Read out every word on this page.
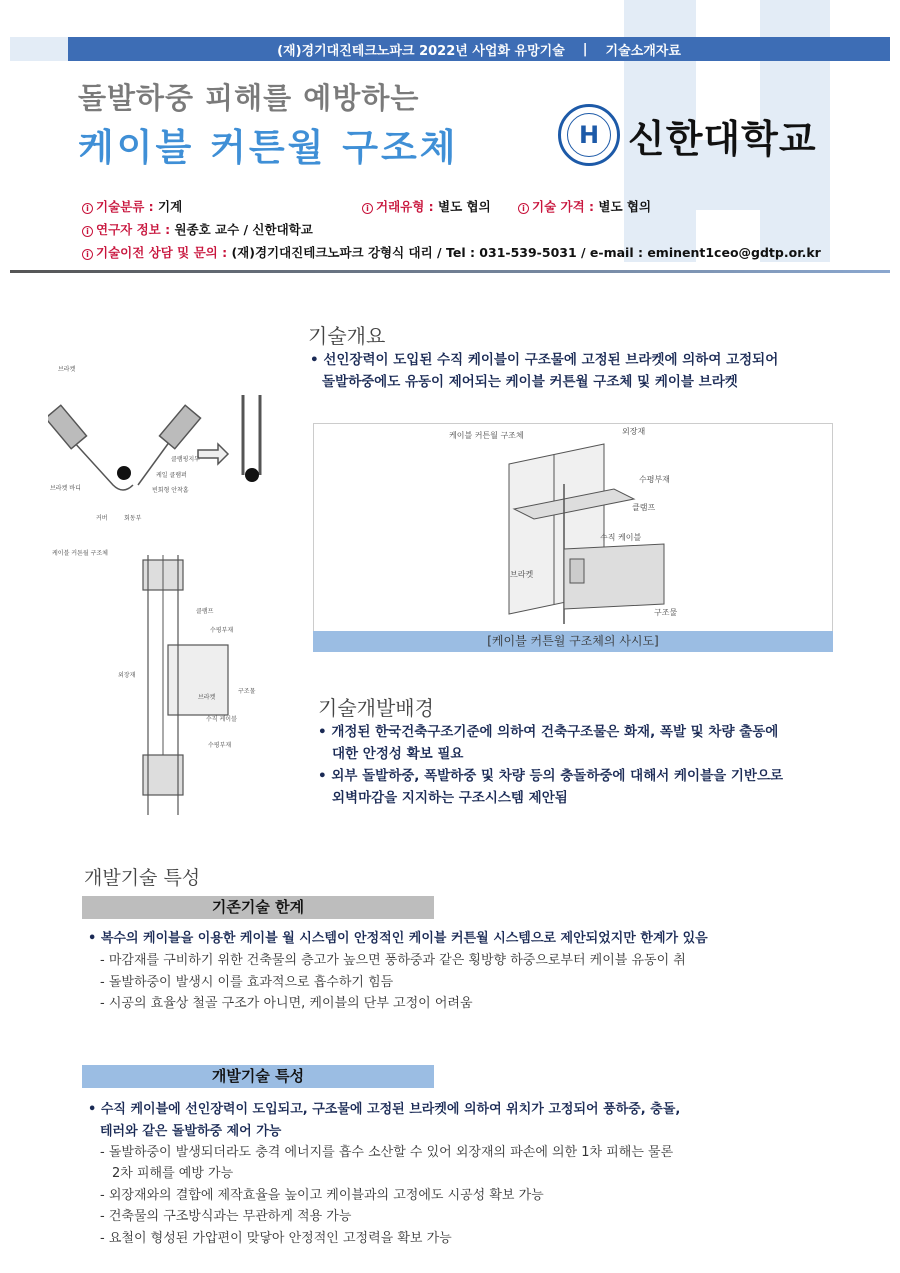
(재)경기대진테크노파크 2022년 사업화 유망기술 | 기술소개자료
돌발하중 피해를 예방하는
케이블 커튼월 구조체	H 신한대학교
i 기술분류 : 기계	i 거래유형 : 별도 협의	i 기술 가격 : 별도 협의
i 연구자 정보 : 원종호 교수 / 신한대학교
i 기술이전 상담 및 문의 : (재)경기대진테크노파크 강형식 대리 / Tel : 031-539-5031 / e-mail : eminent1ceo@gdtp.or.kr
브라켓
브라켓 바디
커버	회동부
클램핑지부
케일 클램퍼
빈회형 안착홈
케이블 커튼월 구조체
클램프
수평부재
외장재
구조물
브라켓
수직 케이블
수평부재
기술개요
• 선인장력이 도입된 수직 케이블이 구조물에 고정된 브라켓에 의하여 고정되어
돌발하중에도 유동이 제어되는 케이블 커튼월 구조체 및 케이블 브라켓
케이블 커튼월 구조체	외장재
수평부재
클램프
수직 케이블
브라켓
구조물
[케이블 커튼월 구조체의 사시도]
기술개발배경
• 개정된 한국건축구조기준에 의하여 건축구조물은 화재, 폭발 및 차량 출동에
대한 안정성 확보 필요
• 외부 돌발하중, 폭발하중 및 차량 등의 충돌하중에 대해서 케이블을 기반으로
외벽마감을 지지하는 구조시스템 제안됨
개발기술 특성
기존기술 한계
• 복수의 케이블을 이용한 케이블 월 시스템이 안정적인 케이블 커튼월 시스템으로 제안되었지만 한계가 있음
- 마감재를 구비하기 위한 건축물의 층고가 높으면 풍하중과 같은 횡방향 하중으로부터 케이블 유동이 취
- 돌발하중이 발생시 이를 효과적으로 흡수하기 힘듬
- 시공의 효율상 철골 구조가 아니면, 케이블의 단부 고정이 어려움
개발기술 특성
• 수직 케이블에 선인장력이 도입되고, 구조물에 고정된 브라켓에 의하여 위치가 고정되어 풍하중, 충돌,
테러와 같은 돌발하중 제어 가능
- 돌발하중이 발생되더라도 충격 에너지를 흡수 소산할 수 있어 외장재의 파손에 의한 1차 피해는 물론
2차 피해를 예방 가능
- 외장재와의 결합에 제작효율을 높이고 케이블과의 고정에도 시공성 확보 가능
- 건축물의 구조방식과는 무관하게 적용 가능
- 요철이 형성된 가압편이 맞닿아 안정적인 고정력을 확보 가능
